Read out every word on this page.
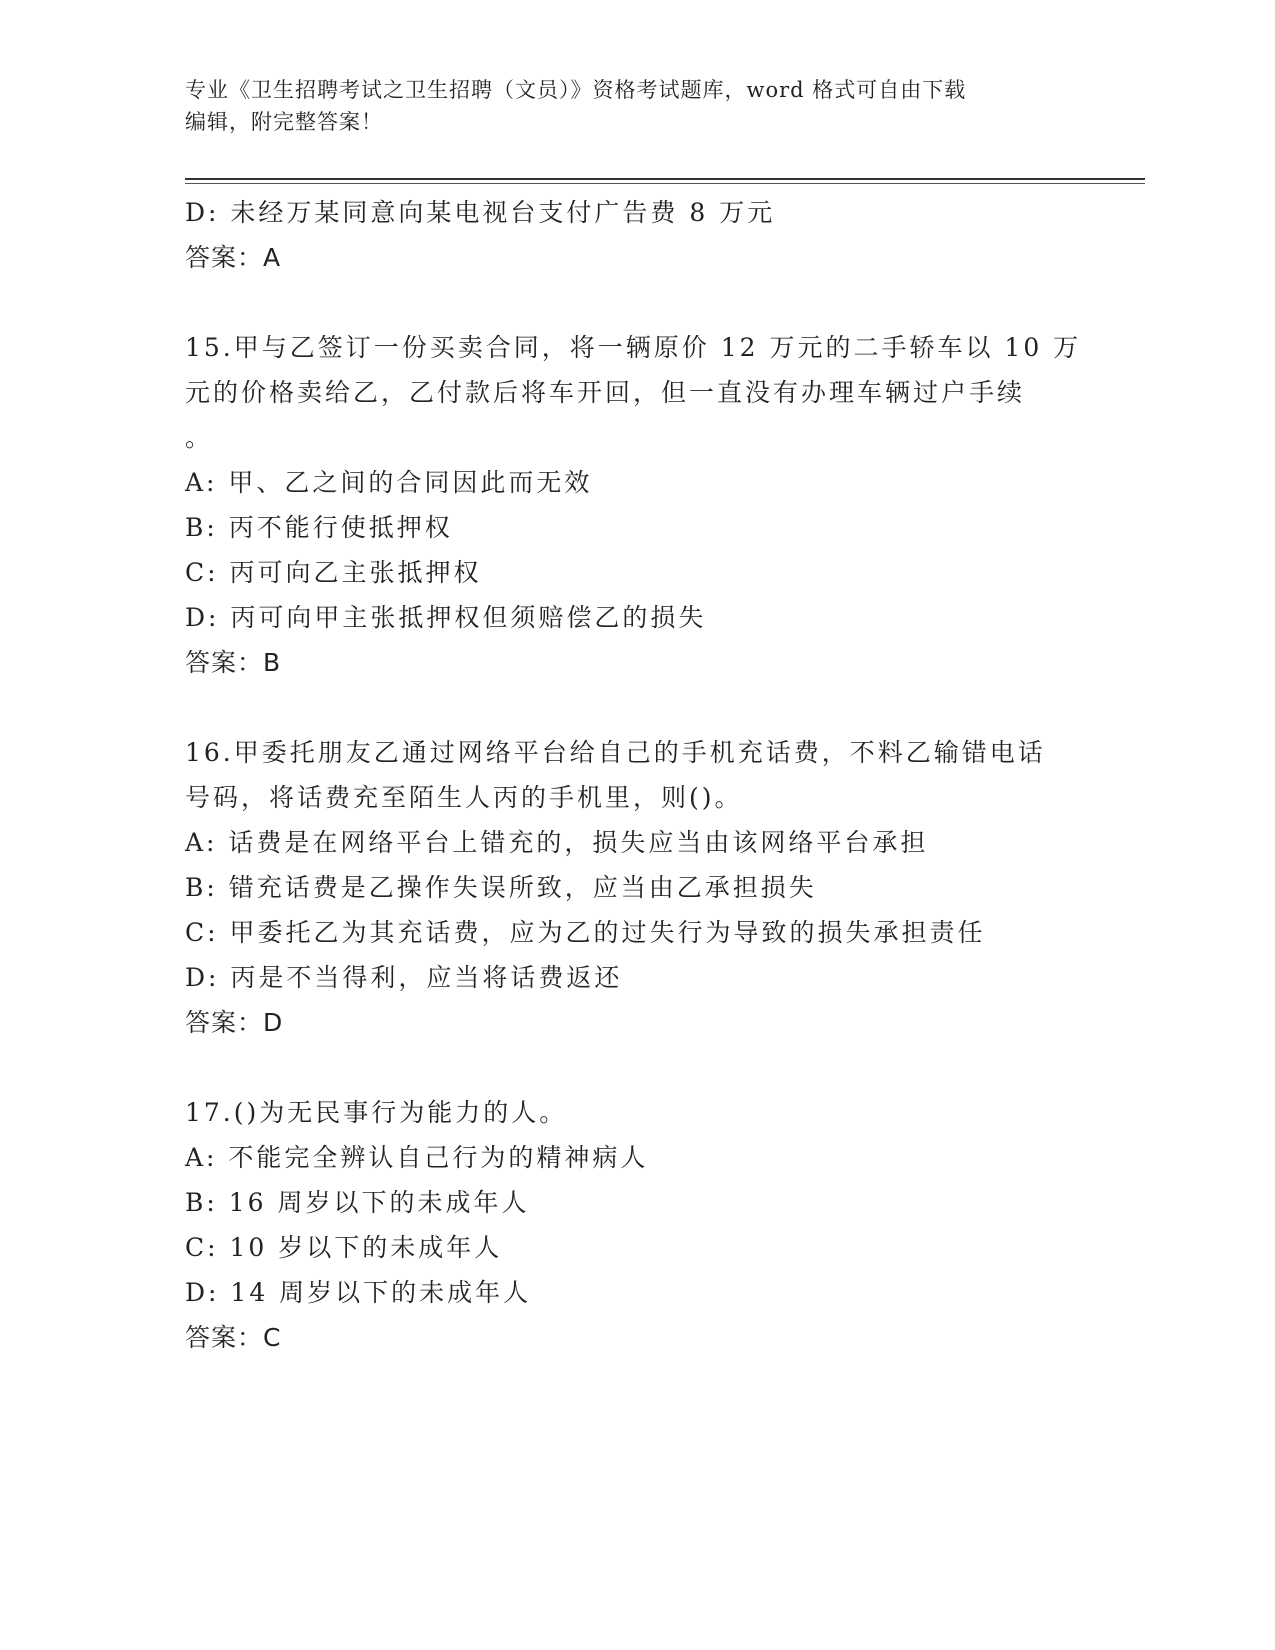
专业《卫生招聘考试之卫生招聘（文员）》资格考试题库，word 格式可自由下载
编辑，附完整答案！
D: 未经万某同意向某电视台支付广告费 8 万元
答案：A
15.甲与乙签订一份买卖合同，将一辆原价 12 万元的二手轿车以 10 万
元的价格卖给乙，乙付款后将车开回，但一直没有办理车辆过户手续
。
A: 甲、乙之间的合同因此而无效
B: 丙不能行使抵押权
C: 丙可向乙主张抵押权
D: 丙可向甲主张抵押权但须赔偿乙的损失
答案：B
16.甲委托朋友乙通过网络平台给自己的手机充话费，不料乙输错电话
号码，将话费充至陌生人丙的手机里，则()。
A: 话费是在网络平台上错充的，损失应当由该网络平台承担
B: 错充话费是乙操作失误所致，应当由乙承担损失
C: 甲委托乙为其充话费，应为乙的过失行为导致的损失承担责任
D: 丙是不当得利，应当将话费返还
答案：D
17.()为无民事行为能力的人。
A: 不能完全辨认自己行为的精神病人
B: 16 周岁以下的未成年人
C: 10 岁以下的未成年人
D: 14 周岁以下的未成年人
答案：C
